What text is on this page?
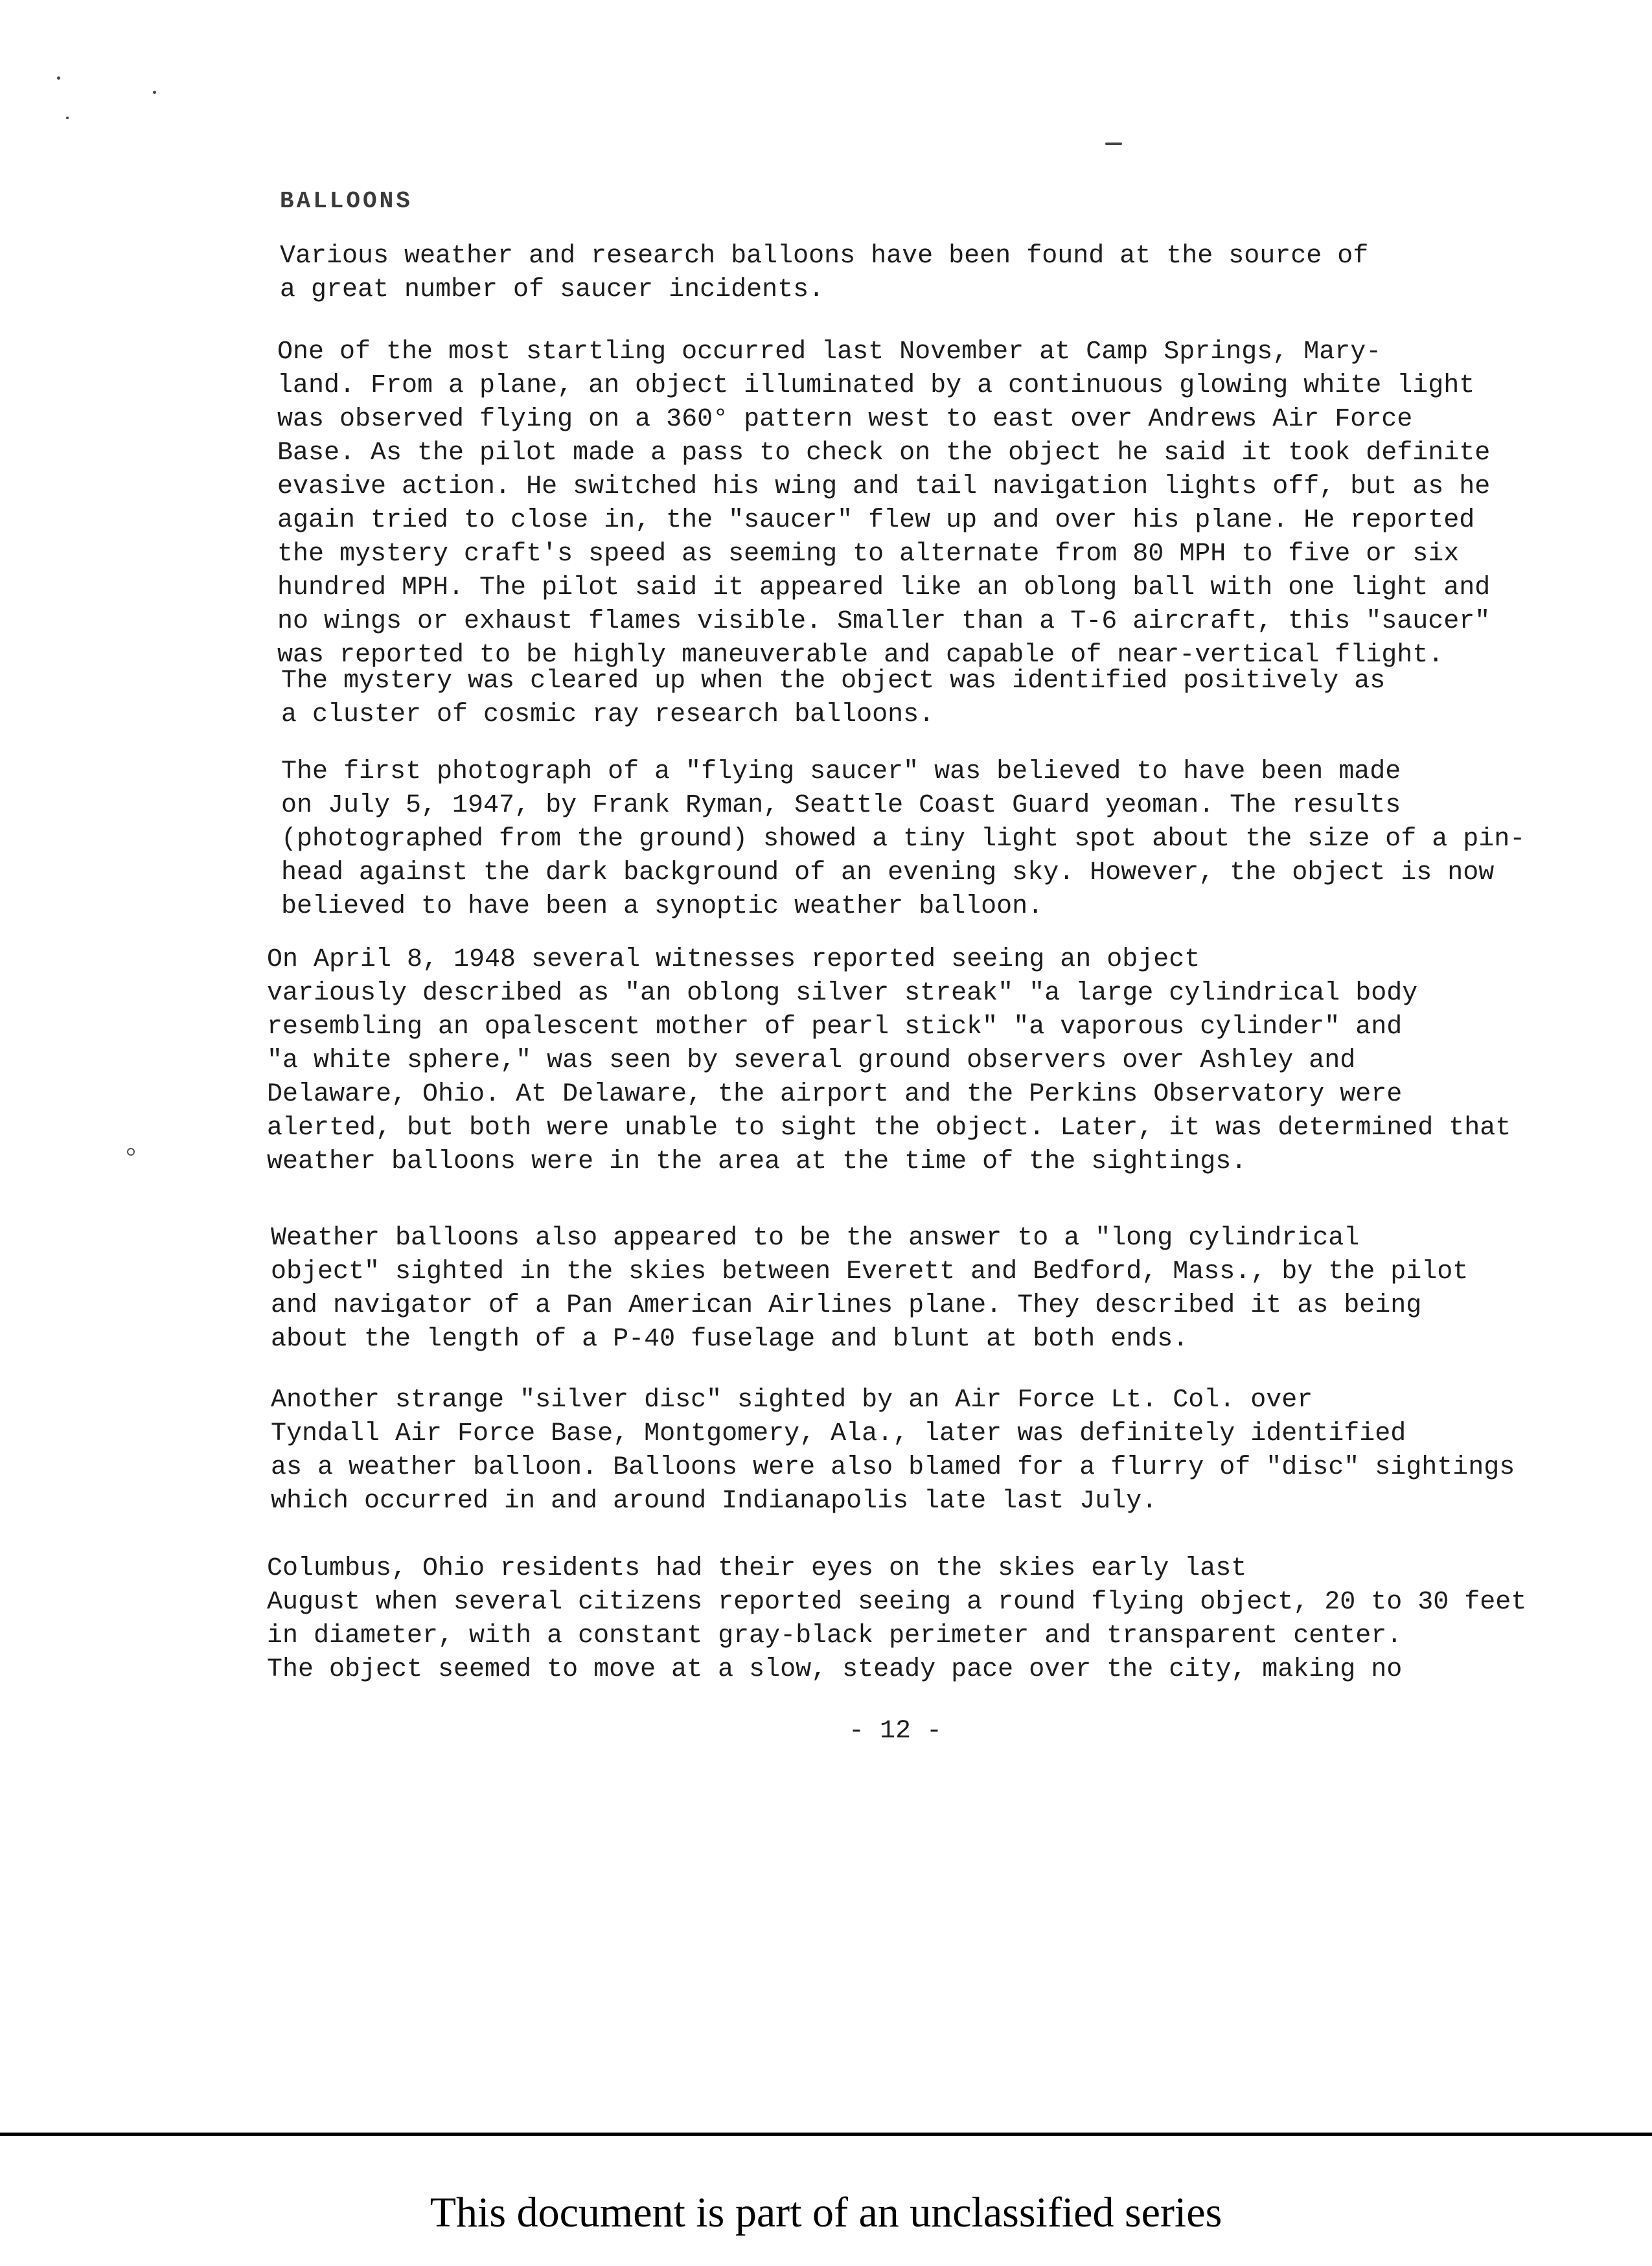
BALLOONS

Various weather and research balloons have been found at the source of
a great number of saucer incidents.

One of the most startling occurred last November at Camp Springs, Mary-
land. From a plane, an object illuminated by a continuous glowing white light
was observed flying on a 360° pattern west to east over Andrews Air Force
Base. As the pilot made a pass to check on the object he said it took definite
evasive action. He switched his wing and tail navigation lights off, but as he
again tried to close in, the "saucer" flew up and over his plane. He reported
the mystery craft's speed as seeming to alternate from 80 MPH to five or six
hundred MPH. The pilot said it appeared like an oblong ball with one light and
no wings or exhaust flames visible. Smaller than a T-6 aircraft, this "saucer"
was reported to be highly maneuverable and capable of near-vertical flight.

The mystery was cleared up when the object was identified positively as
a cluster of cosmic ray research balloons.

The first photograph of a "flying saucer" was believed to have been made
on July 5, 1947, by Frank Ryman, Seattle Coast Guard yeoman. The results
(photographed from the ground) showed a tiny light spot about the size of a pin-
head against the dark background of an evening sky. However, the object is now
believed to have been a synoptic weather balloon.

On April 8, 1948 several witnesses reported seeing an object
variously described as "an oblong silver streak" "a large cylindrical body
resembling an opalescent mother of pearl stick" "a vaporous cylinder" and
"a white sphere," was seen by several ground observers over Ashley and
Delaware, Ohio. At Delaware, the airport and the Perkins Observatory were
alerted, but both were unable to sight the object. Later, it was determined that
weather balloons were in the area at the time of the sightings.

Weather balloons also appeared to be the answer to a "long cylindrical
object" sighted in the skies between Everett and Bedford, Mass., by the pilot
and navigator of a Pan American Airlines plane. They described it as being
about the length of a P-40 fuselage and blunt at both ends.

Another strange "silver disc" sighted by an Air Force Lt. Col. over
Tyndall Air Force Base, Montgomery, Ala., later was definitely identified
as a weather balloon. Balloons were also blamed for a flurry of "disc" sightings
which occurred in and around Indianapolis late last July.

Columbus, Ohio residents had their eyes on the skies early last
August when several citizens reported seeing a round flying object, 20 to 30 feet
in diameter, with a constant gray-black perimeter and transparent center.
The object seemed to move at a slow, steady pace over the city, making no

- 12 -

This document is part of an unclassified series
